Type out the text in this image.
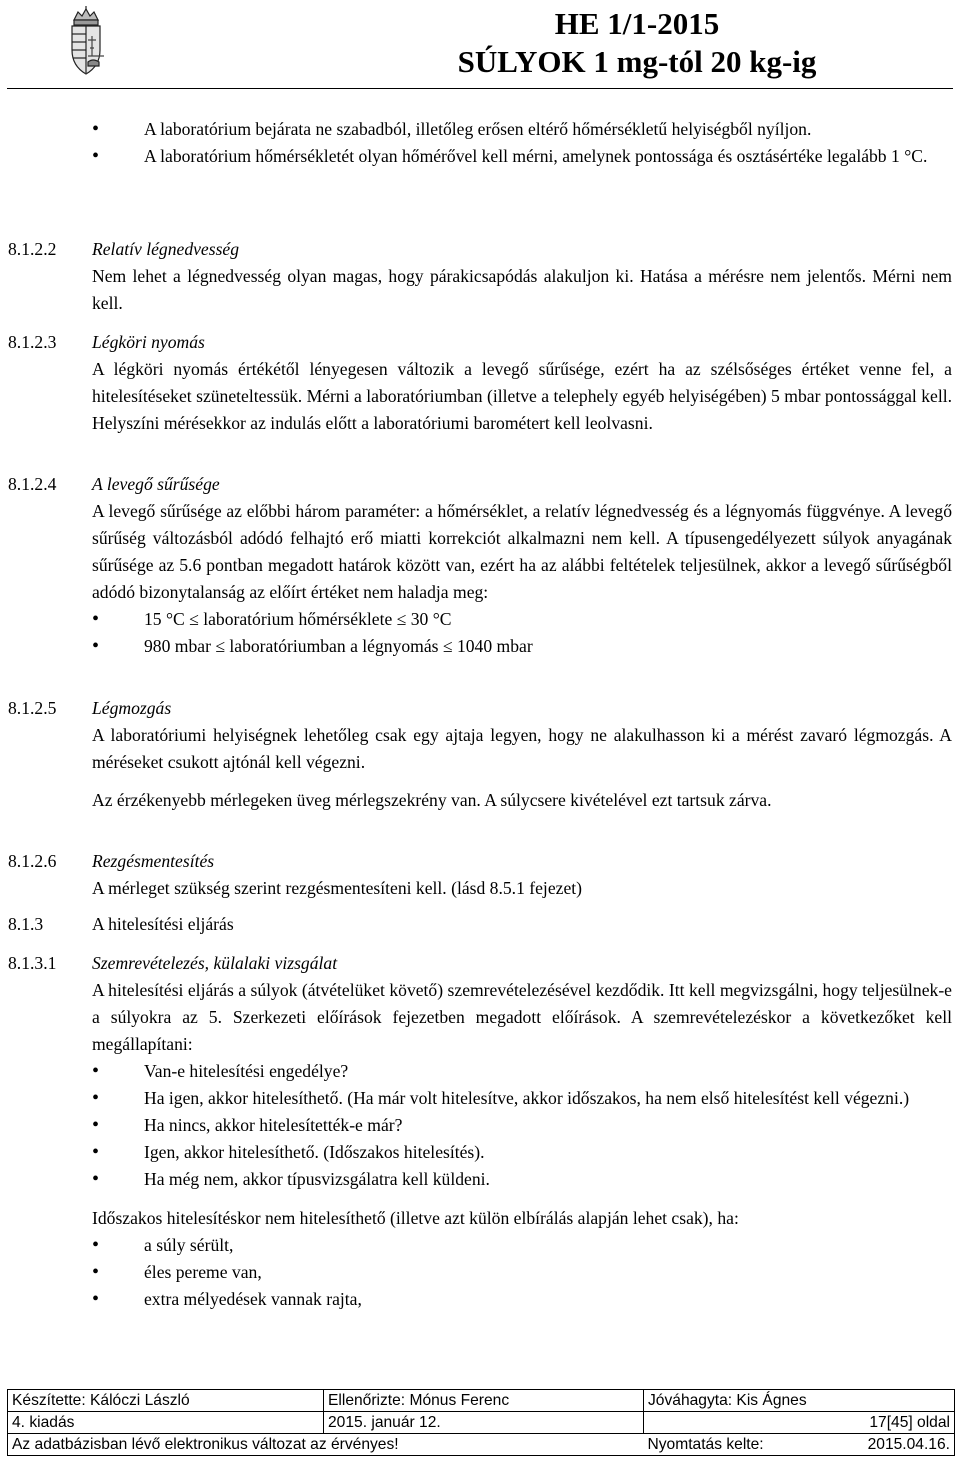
HE 1/1-2015
SÚLYOK 1 mg-tól 20 kg-ig
• A laboratórium bejárata ne szabadból, illetőleg erősen eltérő hőmérsékletű helyiségből nyíljon.
• A laboratórium hőmérsékletét olyan hőmérővel kell mérni, amelynek pontossága és osztásértéke legalább 1 °C.
8.1.2.2 Relatív légnedvesség
Nem lehet a légnedvesség olyan magas, hogy párakicsapódás alakuljon ki. Hatása a mérésre nem jelentős. Mérni nem kell.
8.1.2.3 Légköri nyomás
A légköri nyomás értékétől lényegesen változik a levegő sűrűsége, ezért ha az szélsőséges értéket venne fel, a hitelesítéseket szüneteltessük. Mérni a laboratóriumban (illetve a telephely egyéb helyiségében) 5 mbar pontossággal kell. Helyszíni mérésekkor az indulás előtt a laboratóriumi barométert kell leolvasni.
8.1.2.4 A levegő sűrűsége
A levegő sűrűsége az előbbi három paraméter: a hőmérséklet, a relatív légnedvesség és a légnyomás függvénye. A levegő sűrűség változásból adódó felhajtó erő miatti korrekciót alkalmazni nem kell. A típusengedélyezett súlyok anyagának sűrűsége az 5.6 pontban megadott határok között van, ezért ha az alábbi feltételek teljesülnek, akkor a levegő sűrűségből adódó bizonytalanság az előírt értéket nem haladja meg:
• 15 °C ≤ laboratórium hőmérséklete ≤ 30 °C
• 980 mbar ≤ laboratóriumban a légnyomás ≤ 1040 mbar
8.1.2.5 Légmozgás
A laboratóriumi helyiségnek lehetőleg csak egy ajtaja legyen, hogy ne alakulhasson ki a mérést zavaró légmozgás. A méréseket csukott ajtónál kell végezni.
Az érzékenyebb mérlegeken üveg mérlegszekrény van. A súlycsere kivételével ezt tartsuk zárva.
8.1.2.6 Rezgésmentesítés
A mérleget szükség szerint rezgésmentesíteni kell. (lásd 8.5.1 fejezet)
8.1.3	A hitelesítési eljárás
8.1.3.1 Szemrevételezés, külalaki vizsgálat
A hitelesítési eljárás a súlyok (átvételüket követő) szemrevételezésével kezdődik. Itt kell megvizsgálni, hogy teljesülnek-e a súlyokra az 5. Szerkezeti előírások fejezetben megadott előírások. A szemrevételezéskor a következőket kell megállapítani:
• Van-e hitelesítési engedélye?
• Ha igen, akkor hitelesíthető. (Ha már volt hitelesítve, akkor időszakos, ha nem első hitelesítést kell végezni.)
• Ha nincs, akkor hitelesítették-e már?
• Igen, akkor hitelesíthető. (Időszakos hitelesítés).
• Ha még nem, akkor típusvizsgálatra kell küldeni.
Időszakos hitelesítéskor nem hitelesíthető (illetve azt külön elbírálás alapján lehet csak), ha:
• a súly sérült,
• éles pereme van,
• extra mélyedések vannak rajta,
Készítette: Kálóczi László	Ellenőrizte: Mónus Ferenc	Jóváhagyta: Kis Ágnes
4. kiadás	2015. január 12.	17[45] oldal
Az adatbázisban lévő elektronikus változat az érvényes!		Nyomtatás kelte: 2015.04.16.
